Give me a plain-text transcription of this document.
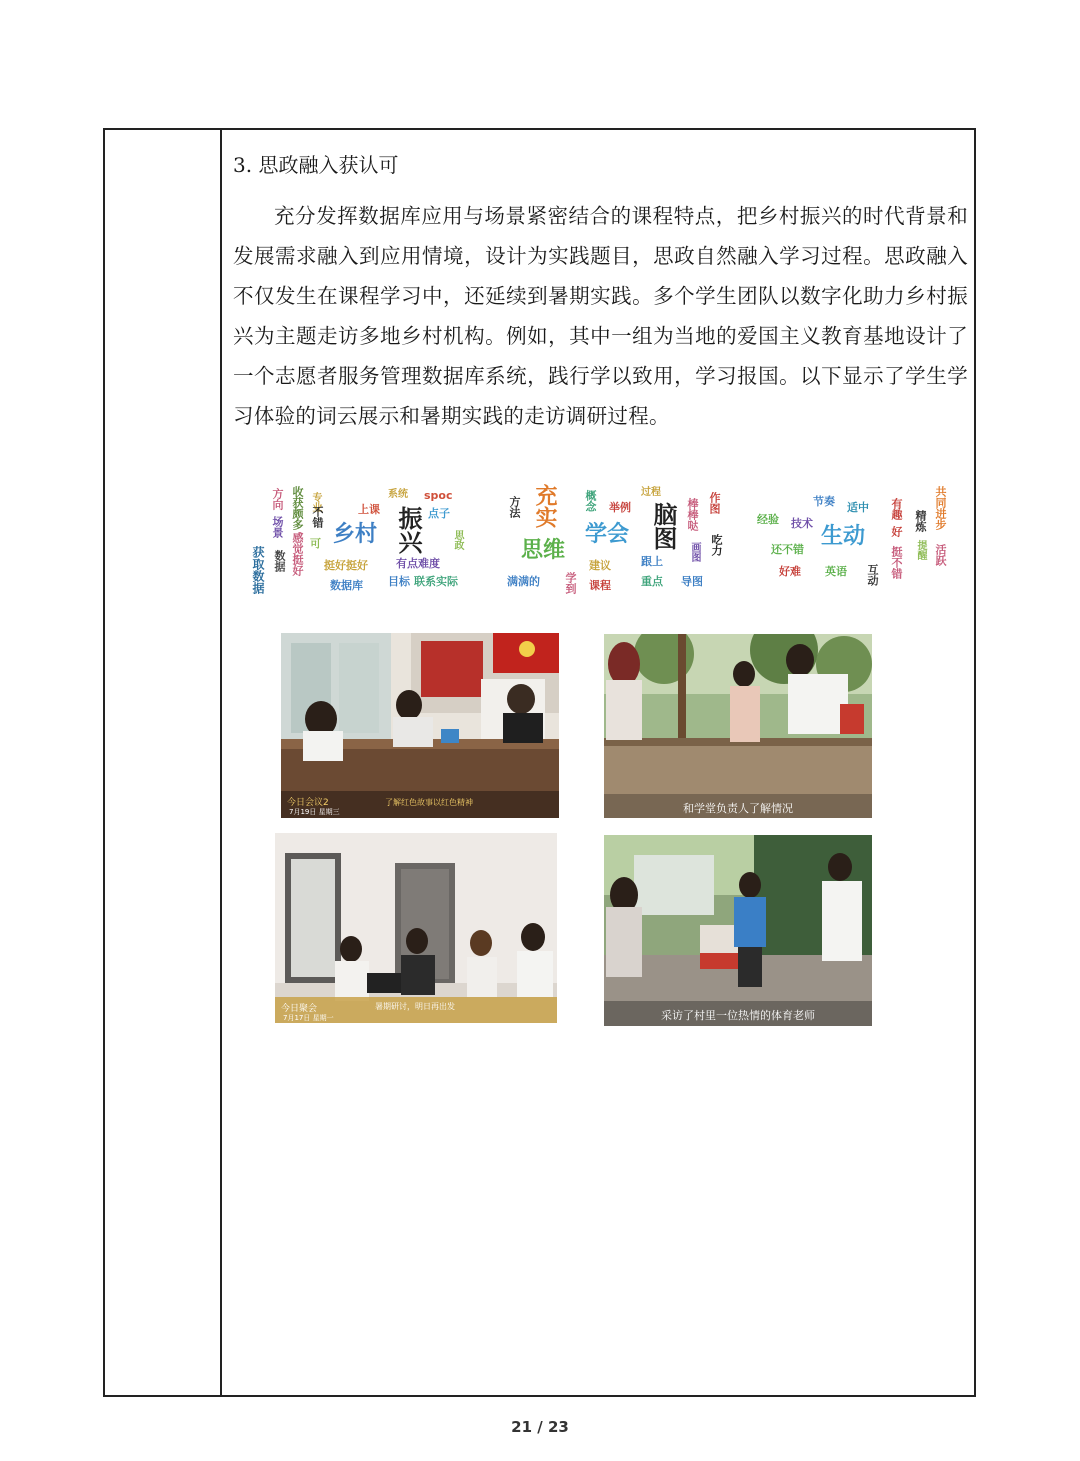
3. 思政融入获认可

充分发挥数据库应用与场景紧密结合的课程特点，把乡村振兴的时代背景和发展需求融入到应用情境，设计为实践题目，思政自然融入学习过程。思政融入不仅发生在课程学习中，还延续到暑期实践。多个学生团队以数字化助力乡村振兴为主题走访多地乡村机构。例如，其中一组为当地的爱国主义教育基地设计了一个志愿者服务管理数据库系统，践行学以致用，学习报国。以下显示了学生学习体验的词云展示和暑期实践的走访调研过程。

方向
场景 收获颇多
感觉挺好
获取数据 数据
专业
不错
可
上课
乡村
系统 spoc
点子
振兴
挺好挺好	有点难度
数据库 目标 联系实际
思政
方法 充实
思维
满满的 学到
概念 举例
学会
建议
课程
过程
脑图
跟上
重点
棒棒哒 作图
吃力
画图
导图
经验
节奏
技术
适中
生动
还不错
好难 英语
有趣
好
互动
精炼
挺不错 提醒
共同进步
活跃
今日会议2
7月19日 星期三
了解红色故事以红色精神	和学堂负责人了解情况
今日聚会
7月17日 星期一
暑期研讨，明日再出发
采访了村里一位热情的体育老师
21 / 23
